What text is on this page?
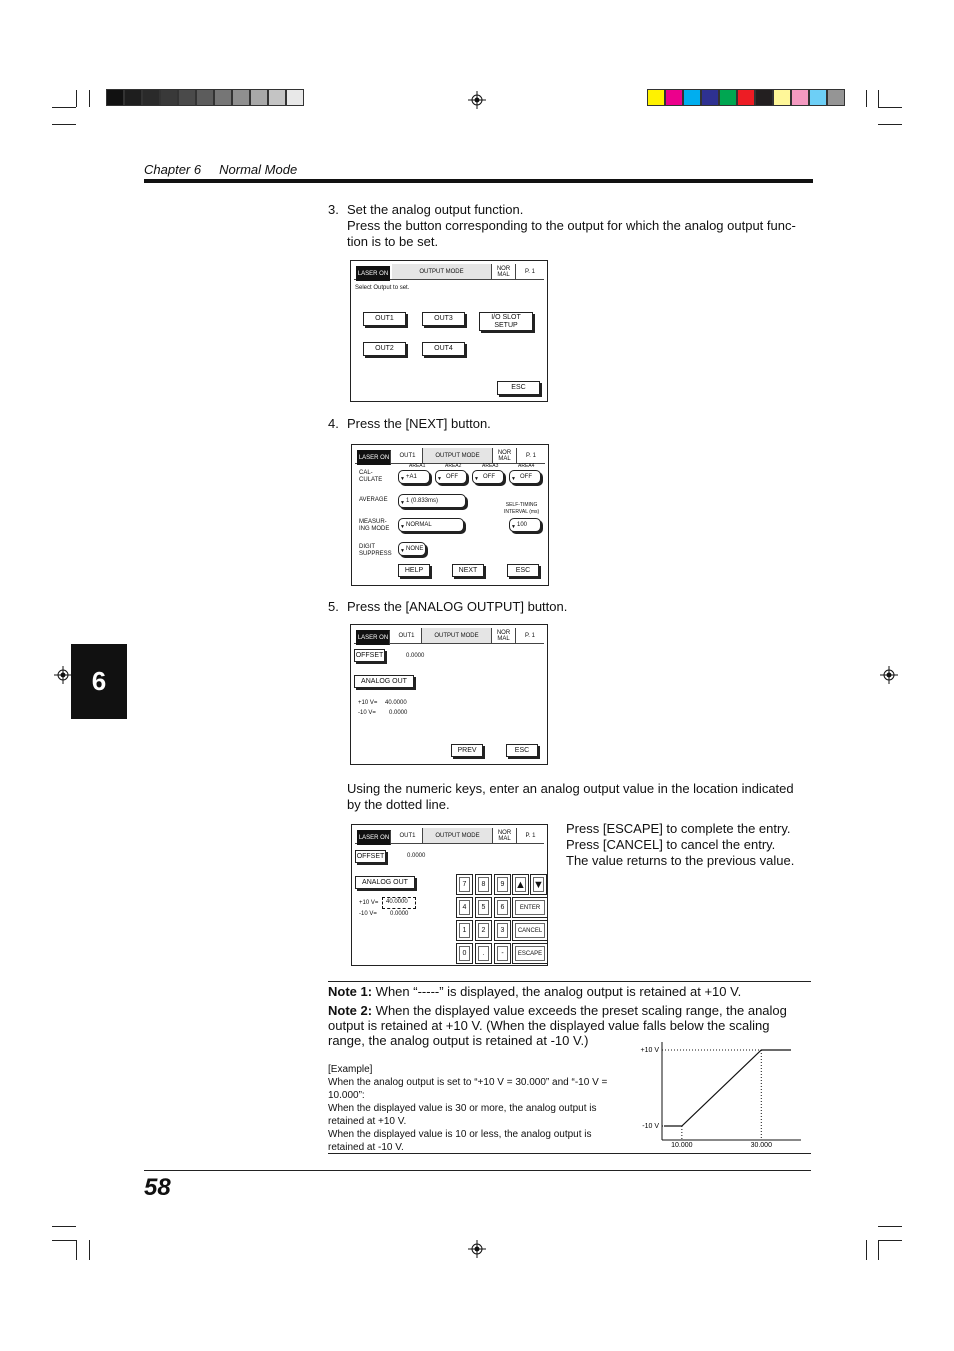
Chapter 6 Normal Mode
6
3. Set the analog output function.
Press the button corresponding to the output for which the analog output func-
tion is to be set.
LASER ON	OUTPUT MODE	NOR
MAL	P. 1
Select Output to set.
OUT1	OUT3	I/O SLOT
SETUP
OUT2	OUT4
ESC
4. Press the [NEXT] button.
LASER ON	OUT1	OUTPUT MODE	NOR
MAL	P. 1
AREA1	AREA2	AREA3	AREA4
CAL-
CULATE	▼ +A1	▼ OFF	▼ OFF	▼ OFF
AVERAGE ▼ 1 (0.833ms)
SELF-TIMING
INTERVAL (ms)
MEASUR-
ING MODE ▼ NORMAL	▼ 100
DIGIT
SUPPRESS ▼ NONE
HELP	NEXT	ESC
5. Press the [ANALOG OUTPUT] button.
LASER ON	OUT1	OUTPUT MODE	NOR
MAL	P. 1
OFFSET	0.0000
ANALOG OUT
+10 V= 40.0000
-10 V= 0.0000
PREV	ESC
Using the numeric keys, enter an analog output value in the location indicated by the dotted line.
LASER ON	OUT1	OUTPUT MODE	NOR
MAL	P. 1
OFFSET	0.0000
ANALOG OUT
+10 V=	40.0000
-10 V= 0.0000
7	8	9 ▲ ▼
4	5	6	ENTER
1	2	3	CANCEL
0	.	-	ESCAPE
Press [ESCAPE] to complete the entry.
Press [CANCEL] to cancel the entry.
The value returns to the previous value.
Note 1: When “-----” is displayed, the analog output is retained at +10 V.
Note 2: When the displayed value exceeds the preset scaling range, the analog output is retained at +10 V. (When the displayed value falls below the scaling range, the analog output is retained at -10 V.)
[Example]
When the analog output is set to “+10 V = 30.000” and “-10 V = 10.000”:
When the displayed value is 30 or more, the analog output is retained at +10 V.
When the displayed value is 10 or less, the analog output is retained at -10 V.
+10 V
-10 V
10.000	30.000
58
